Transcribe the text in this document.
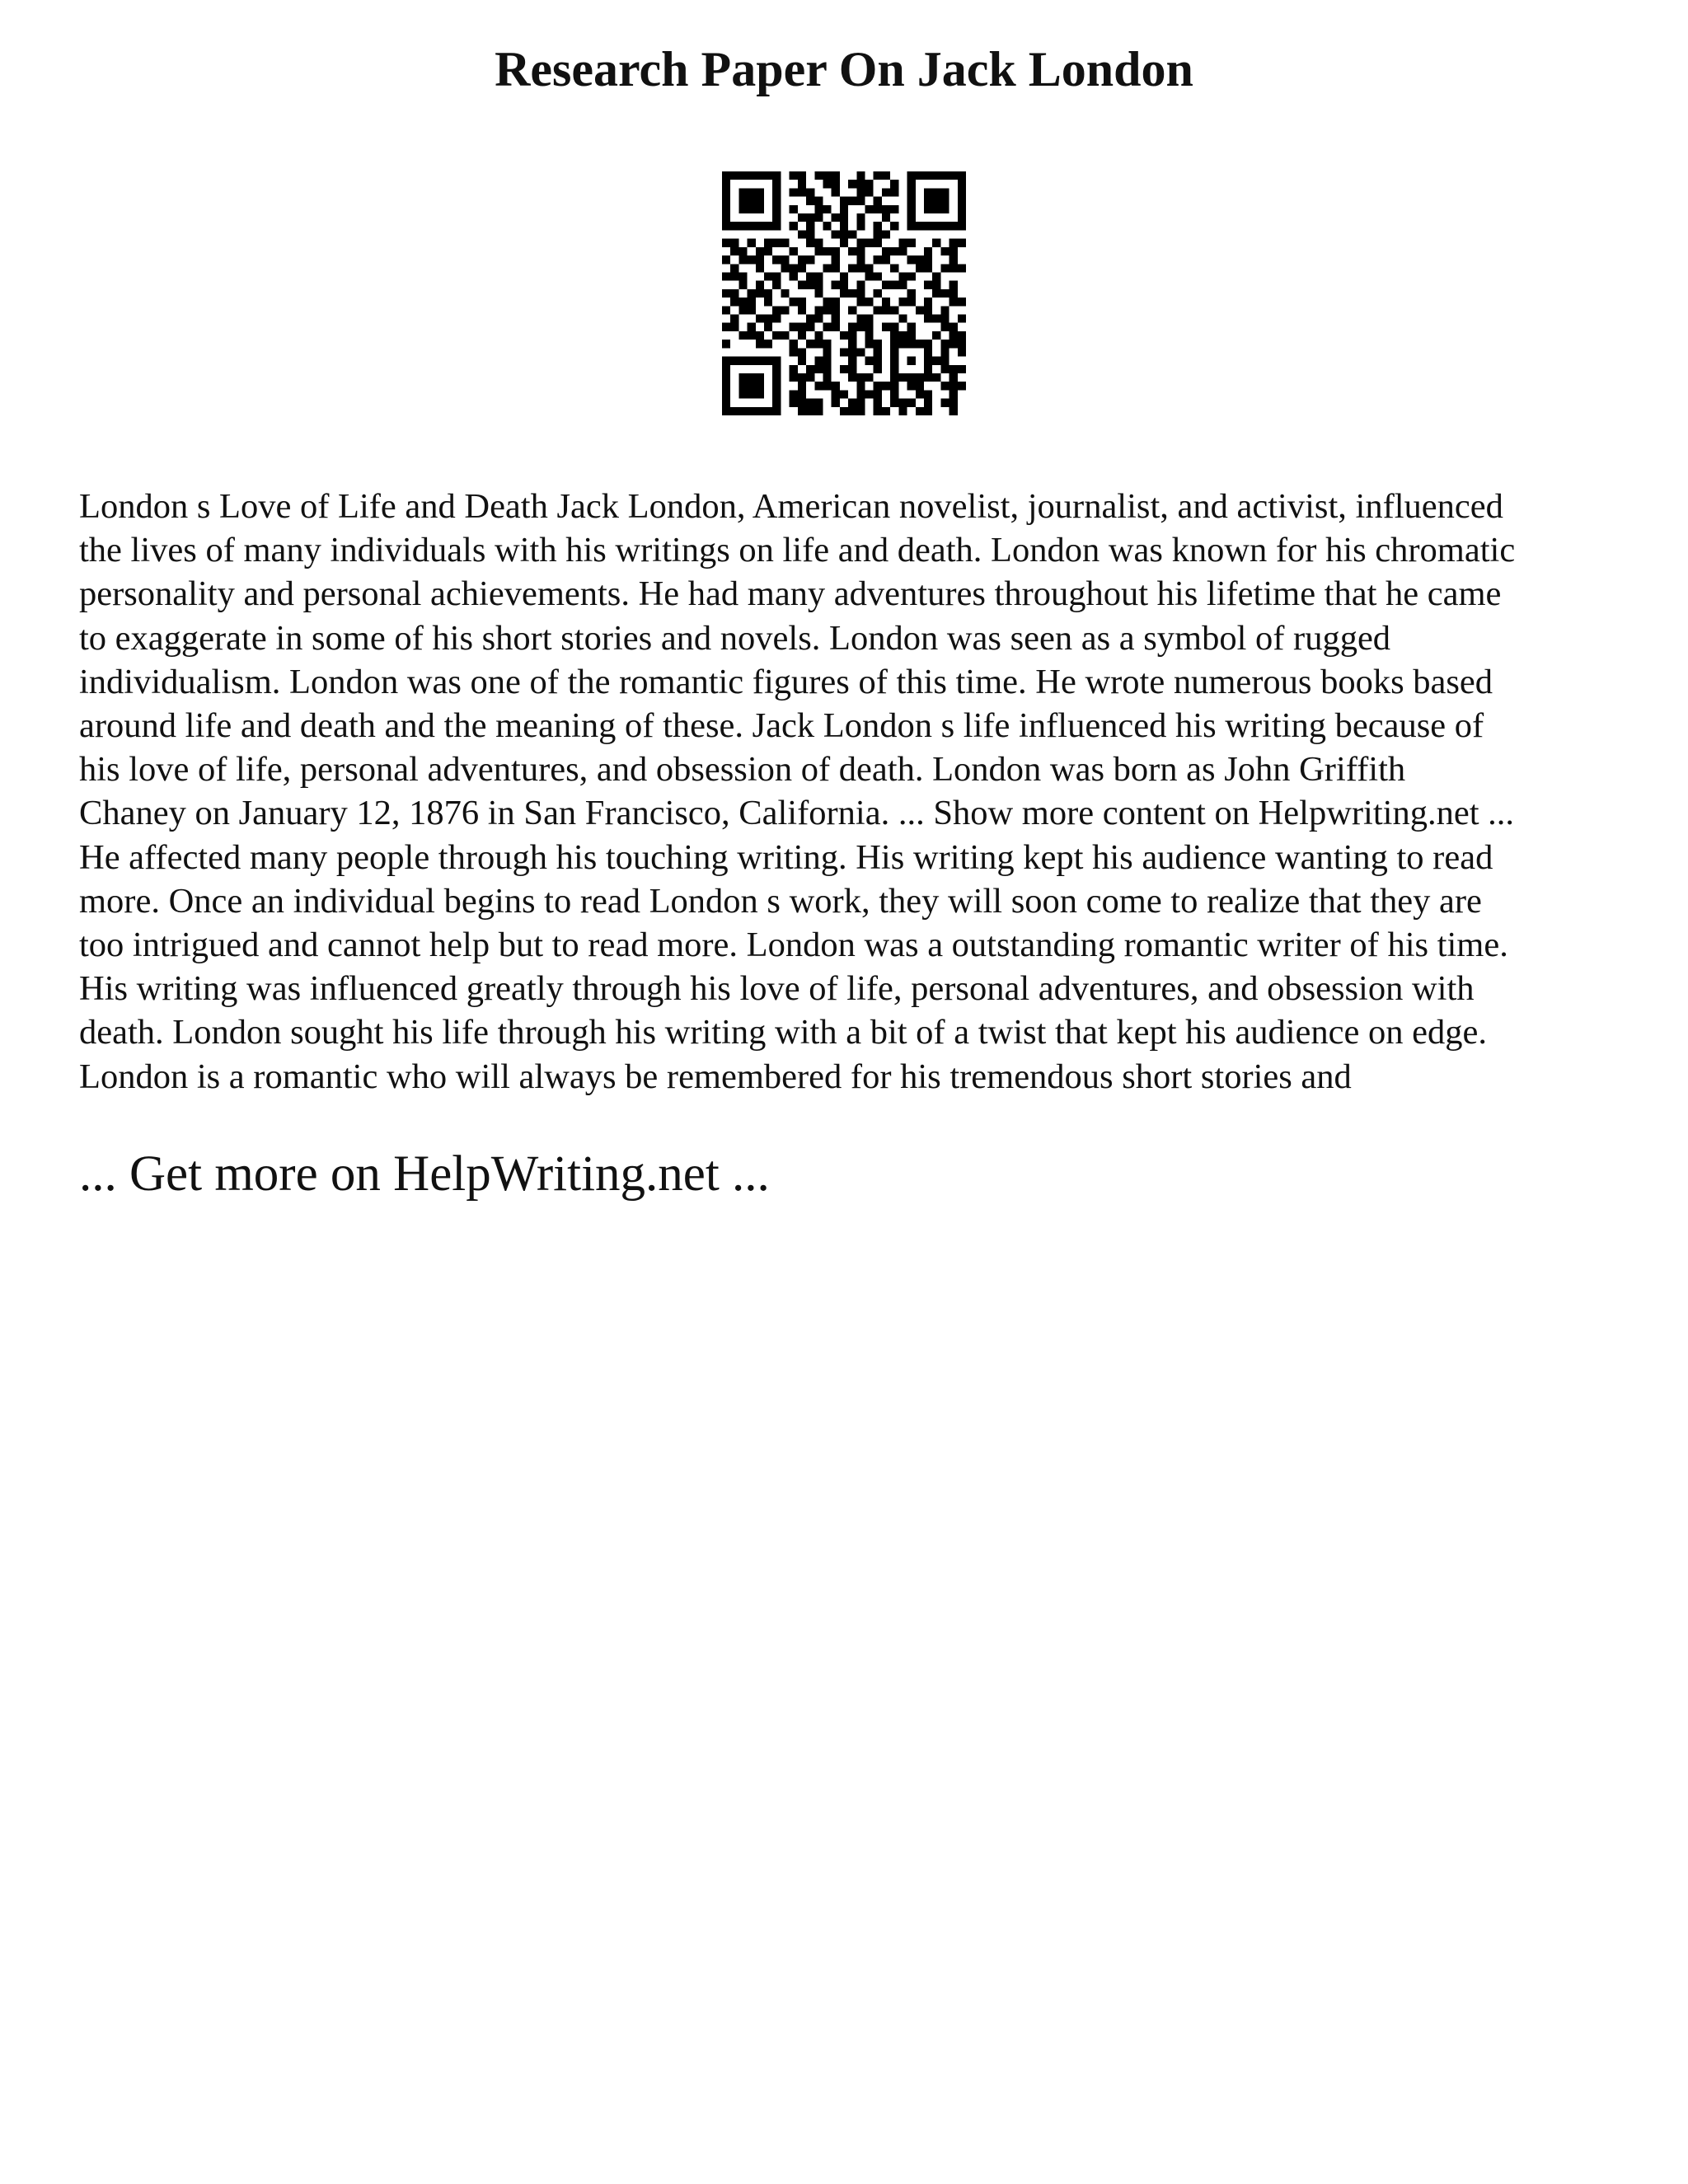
Research Paper On Jack London
London s Love of Life and Death Jack London, American novelist, journalist, and activist, influenced
the lives of many individuals with his writings on life and death. London was known for his chromatic
personality and personal achievements. He had many adventures throughout his lifetime that he came
to exaggerate in some of his short stories and novels. London was seen as a symbol of rugged
individualism. London was one of the romantic figures of this time. He wrote numerous books based
around life and death and the meaning of these. Jack London s life influenced his writing because of
his love of life, personal adventures, and obsession of death. London was born as John Griffith
Chaney on January 12, 1876 in San Francisco, California. ... Show more content on Helpwriting.net ...
He affected many people through his touching writing. His writing kept his audience wanting to read
more. Once an individual begins to read London s work, they will soon come to realize that they are
too intrigued and cannot help but to read more. London was a outstanding romantic writer of his time.
His writing was influenced greatly through his love of life, personal adventures, and obsession with
death. London sought his life through his writing with a bit of a twist that kept his audience on edge.
London is a romantic who will always be remembered for his tremendous short stories and

... Get more on HelpWriting.net ...
